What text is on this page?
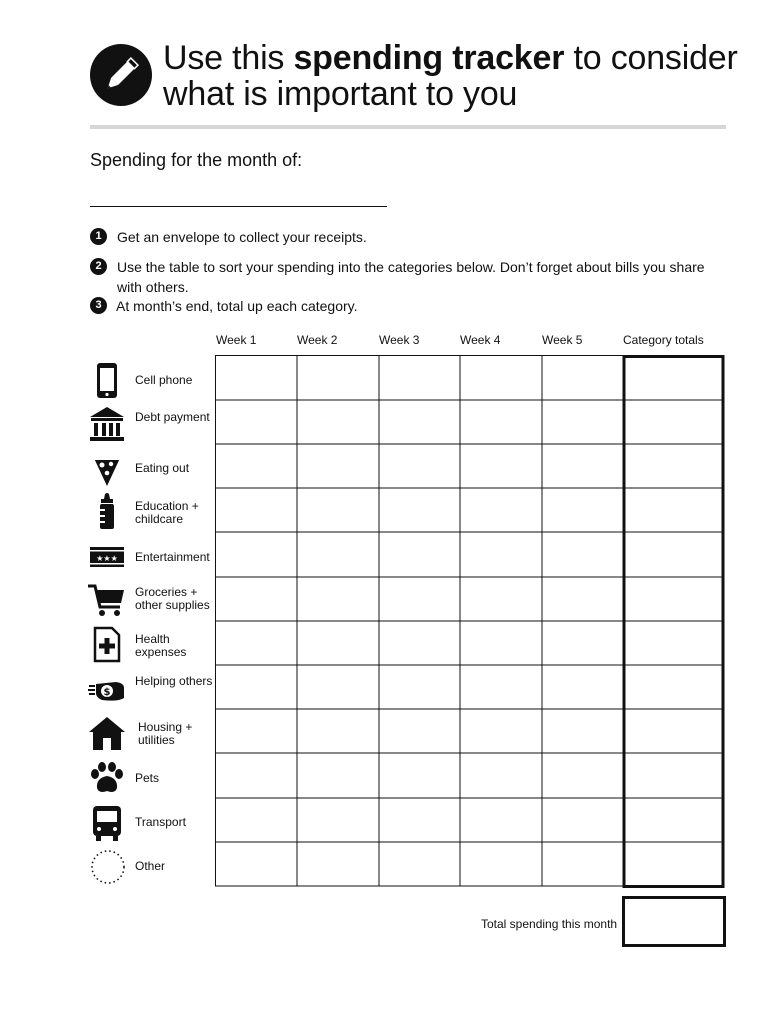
Use this spending tracker to consider what is important to you
Spending for the month of:
1	Get an envelope to collect your receipts.
2	Use the table to sort your spending into the categories below. Don’t forget about bills you share with others.
3	At month’s end, total up each category.
Week 1	Week 2	Week 3	Week 4	Week 5	Category totals
Cell phone
Debt payment
Eating out
Education + childcare
★★★ Entertainment
Groceries + other supplies
Health expenses
$
Helping others
Housing + utilities
Pets
Transport
Other
Total spending this month
